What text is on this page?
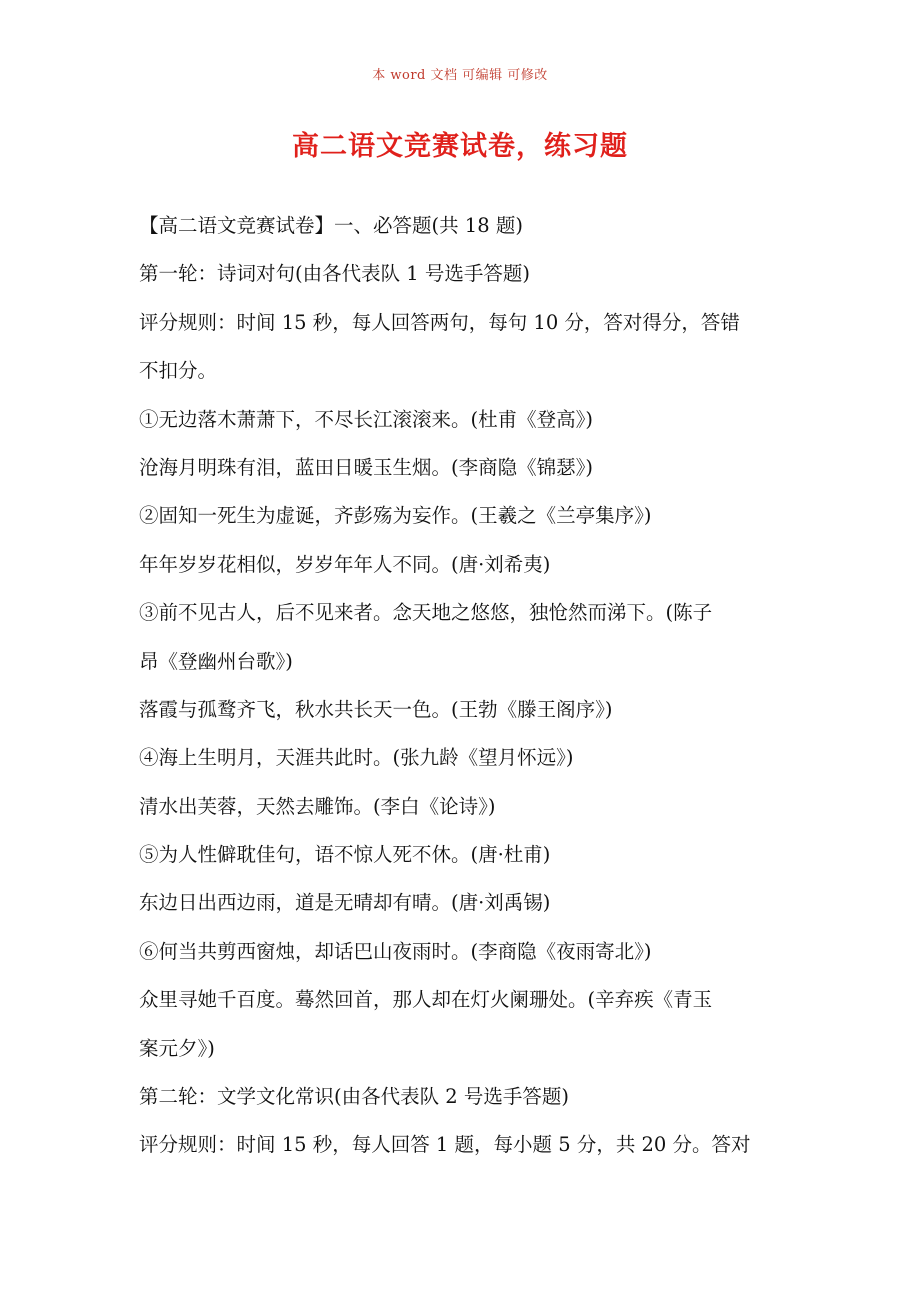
本 word 文档 可编辑 可修改
高二语文竞赛试卷，练习题
【高二语文竞赛试卷】一、必答题(共 18 题)
第一轮：诗词对句(由各代表队 1 号选手答题)
评分规则：时间 15 秒，每人回答两句，每句 10 分，答对得分，答错
不扣分。
①无边落木萧萧下，不尽长江滚滚来。(杜甫《登高》)
沧海月明珠有泪，蓝田日暖玉生烟。(李商隐《锦瑟》)
②固知一死生为虚诞，齐彭殇为妄作。(王羲之《兰亭集序》)
年年岁岁花相似，岁岁年年人不同。(唐·刘希夷)
③前不见古人，后不见来者。念天地之悠悠，独怆然而涕下。(陈子
昂《登幽州台歌》)
落霞与孤鹜齐飞，秋水共长天一色。(王勃《滕王阁序》)
④海上生明月，天涯共此时。(张九龄《望月怀远》)
清水出芙蓉，天然去雕饰。(李白《论诗》)
⑤为人性僻耽佳句，语不惊人死不休。(唐·杜甫)
东边日出西边雨，道是无晴却有晴。(唐·刘禹锡)
⑥何当共剪西窗烛，却话巴山夜雨时。(李商隐《夜雨寄北》)
众里寻她千百度。蓦然回首，那人却在灯火阑珊处。(辛弃疾《青玉
案元夕》)
第二轮：文学文化常识(由各代表队 2 号选手答题)
评分规则：时间 15 秒，每人回答 1 题，每小题 5 分，共 20 分。答对
